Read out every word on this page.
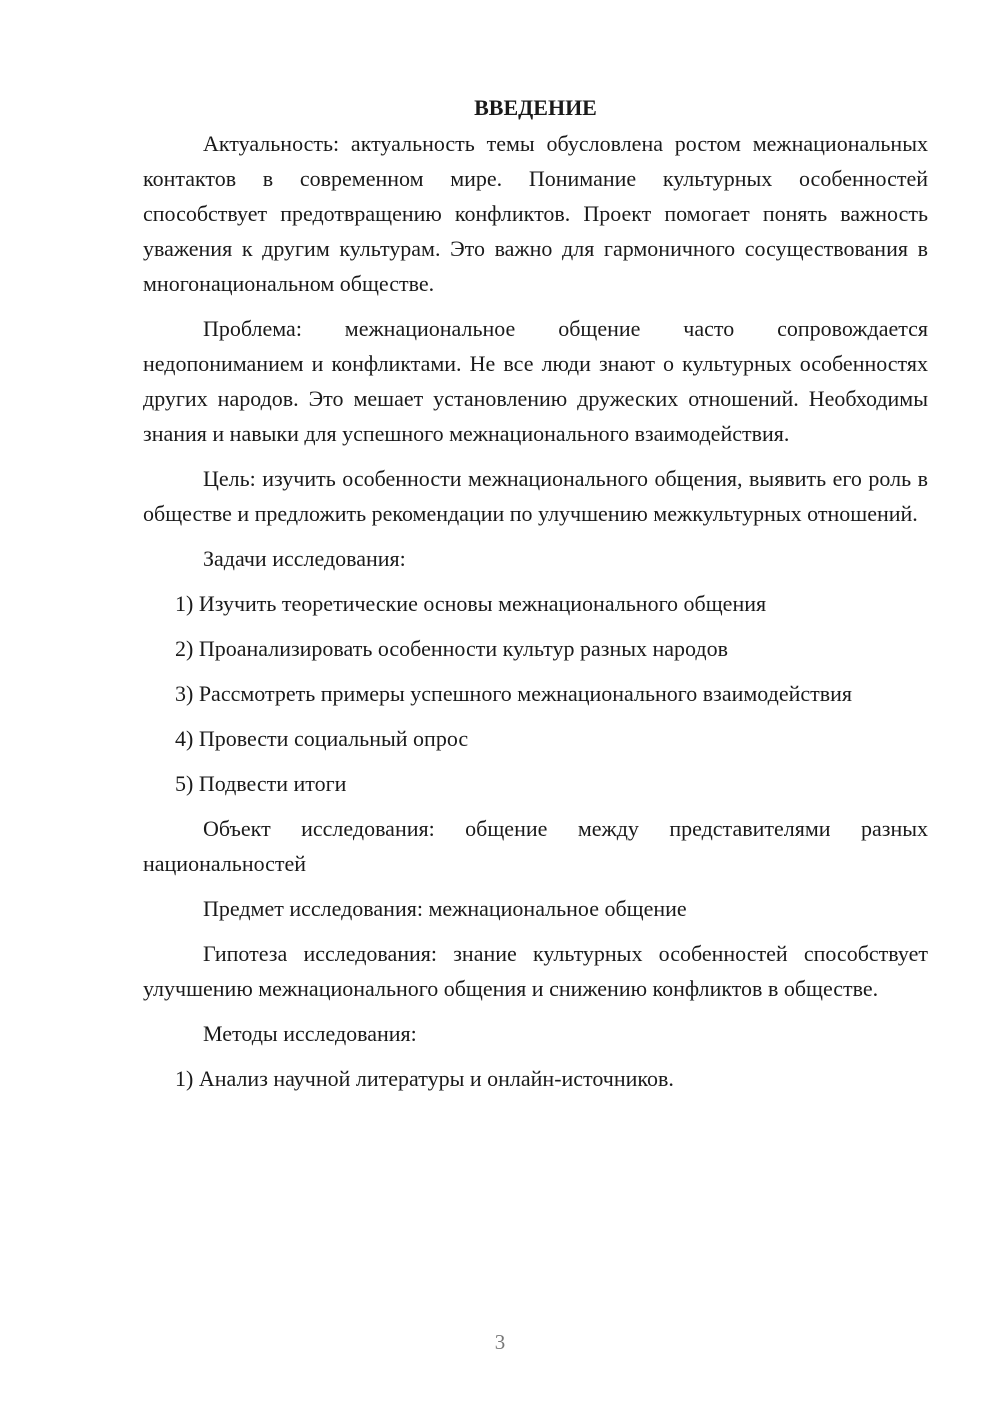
ВВЕДЕНИЕ

Актуальность: актуальность темы обусловлена ростом межнациональных контактов в современном мире. Понимание культурных особенностей способствует предотвращению конфликтов. Проект помогает понять важность уважения к другим культурам. Это важно для гармоничного сосуществования в многонациональном обществе.

Проблема: межнациональное общение часто сопровождается недопониманием и конфликтами. Не все люди знают о культурных особенностях других народов. Это мешает установлению дружеских отношений. Необходимы знания и навыки для успешного межнационального взаимодействия.

Цель: изучить особенности межнационального общения, выявить его роль в обществе и предложить рекомендации по улучшению межкультурных отношений.

Задачи исследования:

1) Изучить теоретические основы межнационального общения

2) Проанализировать особенности культур разных народов

3) Рассмотреть примеры успешного межнационального взаимодействия

4) Провести социальный опрос

5) Подвести итоги

Объект исследования: общение между представителями разных национальностей

Предмет исследования: межнациональное общение

Гипотеза исследования: знание культурных особенностей способствует улучшению межнационального общения и снижению конфликтов в обществе.

Методы исследования:

1) Анализ научной литературы и онлайн-источников.

3
